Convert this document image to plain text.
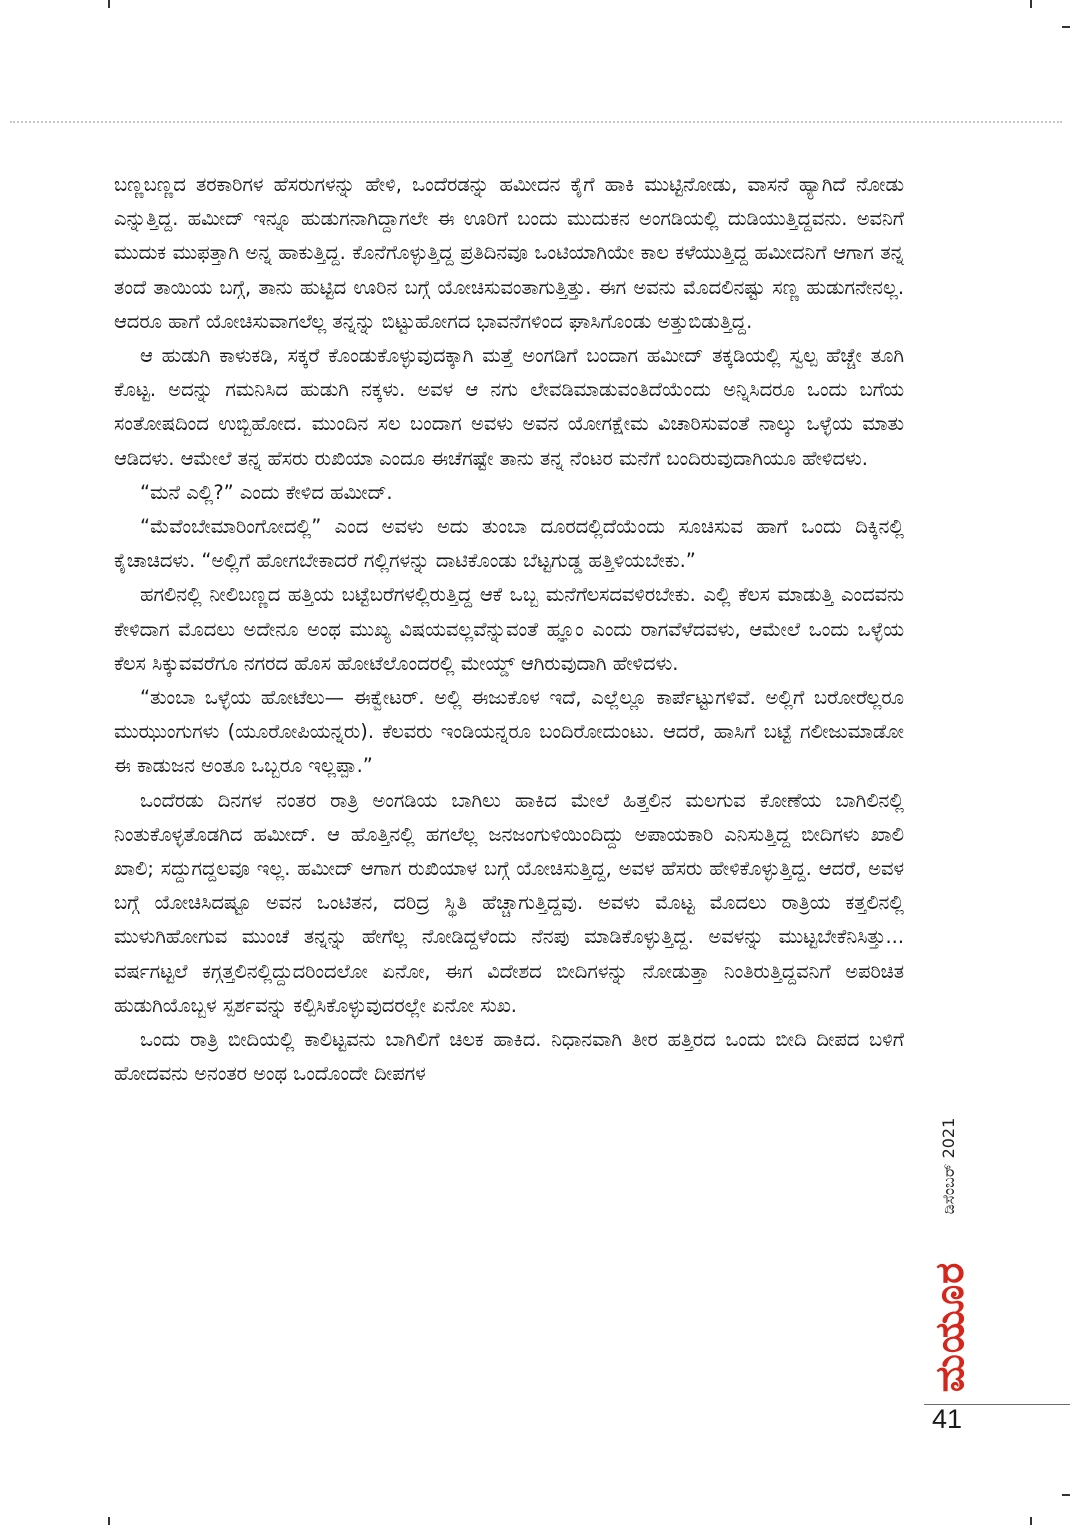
ಬಣ್ಣಬಣ್ಣದ ತರಕಾರಿಗಳ ಹೆಸರುಗಳನ್ನು ಹೇಳಿ, ಒಂದೆರಡನ್ನು ಹಮೀದನ ಕೈಗೆ ಹಾಕಿ ಮುಟ್ಟಿನೋಡು, ವಾಸನೆ ಹ್ಯಾಗಿದೆ ನೋಡು ಎನ್ನುತ್ತಿದ್ದ. ಹಮೀದ್ ಇನ್ನೂ ಹುಡುಗನಾಗಿದ್ದಾಗಲೇ ಈ ಊರಿಗೆ ಬಂದು ಮುದುಕನ ಅಂಗಡಿಯಲ್ಲಿ ದುಡಿಯುತ್ತಿದ್ದವನು. ಅವನಿಗೆ ಮುದುಕ ಮುಫತ್ತಾಗಿ ಅನ್ನ ಹಾಕುತ್ತಿದ್ದ. ಕೊನೆಗೊಳ್ಳುತ್ತಿದ್ದ ಪ್ರತಿದಿನವೂ ಒಂಟಿಯಾಗಿಯೇ ಕಾಲ ಕಳೆಯುತ್ತಿದ್ದ ಹಮೀದನಿಗೆ ಆಗಾಗ ತನ್ನ ತಂದೆ ತಾಯಿಯ ಬಗ್ಗೆ, ತಾನು ಹುಟ್ಟಿದ ಊರಿನ ಬಗ್ಗೆ ಯೋಚಿಸುವಂತಾಗುತ್ತಿತ್ತು. ಈಗ ಅವನು ಮೊದಲಿನಷ್ಟು ಸಣ್ಣ ಹುಡುಗನೇನಲ್ಲ. ಆದರೂ ಹಾಗೆ ಯೋಚಿಸುವಾಗಲೆಲ್ಲ ತನ್ನನ್ನು ಬಿಟ್ಟುಹೋಗದ ಭಾವನೆಗಳಿಂದ ಘಾಸಿಗೊಂಡು ಅತ್ತುಬಿಡುತ್ತಿದ್ದ.

ಆ ಹುಡುಗಿ ಕಾಳುಕಡಿ, ಸಕ್ಕರೆ ಕೊಂಡುಕೊಳ್ಳುವುದಕ್ಕಾಗಿ ಮತ್ತೆ ಅಂಗಡಿಗೆ ಬಂದಾಗ ಹಮೀದ್ ತಕ್ಕಡಿಯಲ್ಲಿ ಸ್ವಲ್ಪ ಹೆಚ್ಚೇ ತೂಗಿ ಕೊಟ್ಟ. ಅದನ್ನು ಗಮನಿಸಿದ ಹುಡುಗಿ ನಕ್ಕಳು. ಅವಳ ಆ ನಗು ಲೇವಡಿಮಾಡುವಂತಿದೆಯೆಂದು ಅನ್ನಿಸಿದರೂ ಒಂದು ಬಗೆಯ ಸಂತೋಷದಿಂದ ಉಬ್ಬಿಹೋದ. ಮುಂದಿನ ಸಲ ಬಂದಾಗ ಅವಳು ಅವನ ಯೋಗಕ್ಷೇಮ ವಿಚಾರಿಸುವಂತೆ ನಾಲ್ಕು ಒಳ್ಳೆಯ ಮಾತು ಆಡಿದಳು. ಆಮೇಲೆ ತನ್ನ ಹೆಸರು ರುಖಿಯಾ ಎಂದೂ ಈಚೆಗಷ್ಟೇ ತಾನು ತನ್ನ ನೆಂಟರ ಮನೆಗೆ ಬಂದಿರುವುದಾಗಿಯೂ ಹೇಳಿದಳು.

“ಮನೆ ಎಲ್ಲಿ?” ಎಂದು ಕೇಳಿದ ಹಮೀದ್.

“ಮೆವೆಂಬೇಮಾರಿಂಗೋದಲ್ಲಿ” ಎಂದ ಅವಳು ಅದು ತುಂಬಾ ದೂರದಲ್ಲಿದೆಯೆಂದು ಸೂಚಿಸುವ ಹಾಗೆ ಒಂದು ದಿಕ್ಕಿನಲ್ಲಿ ಕೈಚಾಚಿದಳು. “ಅಲ್ಲಿಗೆ ಹೋಗಬೇಕಾದರೆ ಗಲ್ಲಿಗಳನ್ನು ದಾಟಿಕೊಂಡು ಬೆಟ್ಟಗುಡ್ಡ ಹತ್ತಿಳಿಯಬೇಕು.”

ಹಗಲಿನಲ್ಲಿ ನೀಲಿಬಣ್ಣದ ಹತ್ತಿಯ ಬಟ್ಟೆಬರೆಗಳಲ್ಲಿರುತ್ತಿದ್ದ ಆಕೆ ಒಬ್ಬ ಮನೆಗೆಲಸದವಳಿರಬೇಕು. ಎಲ್ಲಿ ಕೆಲಸ ಮಾಡುತ್ತಿ ಎಂದವನು ಕೇಳಿದಾಗ ಮೊದಲು ಅದೇನೂ ಅಂಥ ಮುಖ್ಯ ವಿಷಯವಲ್ಲವೆನ್ನುವಂತೆ ಹ್ಞೂಂ ಎಂದು ರಾಗವೆಳೆದವಳು, ಆಮೇಲೆ ಒಂದು ಒಳ್ಳೆಯ ಕೆಲಸ ಸಿಕ್ಕುವವರೆಗೂ ನಗರದ ಹೊಸ ಹೋಟೆಲೊಂದರಲ್ಲಿ ಮೇಯ್ಡ್ ಆಗಿರುವುದಾಗಿ ಹೇಳಿದಳು.

“ತುಂಬಾ ಒಳ್ಳೆಯ ಹೋಟೆಲು— ಈಕ್ವೇಟರ್. ಅಲ್ಲಿ ಈಜುಕೊಳ ಇದೆ, ಎಲ್ಲೆಲ್ಲೂ ಕಾರ್ಪೆಟ್ಟುಗಳಿವೆ. ಅಲ್ಲಿಗೆ ಬರೋರೆಲ್ಲರೂ ಮುಝುಂಗುಗಳು (ಯೂರೋಪಿಯನ್ನರು). ಕೆಲವರು ಇಂಡಿಯನ್ನರೂ ಬಂದಿರೋದುಂಟು. ಆದರೆ, ಹಾಸಿಗೆ ಬಟ್ಟೆ ಗಲೀಜುಮಾಡೋ ಈ ಕಾಡುಜನ ಅಂತೂ ಒಬ್ಬರೂ ಇಲ್ಲಪ್ಪಾ.”

ಒಂದೆರಡು ದಿನಗಳ ನಂತರ ರಾತ್ರಿ ಅಂಗಡಿಯ ಬಾಗಿಲು ಹಾಕಿದ ಮೇಲೆ ಹಿತ್ತಲಿನ ಮಲಗುವ ಕೋಣೆಯ ಬಾಗಿಲಿನಲ್ಲಿ ನಿಂತುಕೊಳ್ಳತೊಡಗಿದ ಹಮೀದ್. ಆ ಹೊತ್ತಿನಲ್ಲಿ ಹಗಲೆಲ್ಲ ಜನಜಂಗುಳಿಯಿಂದಿದ್ದು ಅಪಾಯಕಾರಿ ಎನಿಸುತ್ತಿದ್ದ ಬೀದಿಗಳು ಖಾಲಿ ಖಾಲಿ; ಸದ್ದುಗದ್ದಲವೂ ಇಲ್ಲ. ಹಮೀದ್ ಆಗಾಗ ರುಖಿಯಾಳ ಬಗ್ಗೆ ಯೋಚಿಸುತ್ತಿದ್ದ, ಅವಳ ಹೆಸರು ಹೇಳಿಕೊಳ್ಳುತ್ತಿದ್ದ. ಆದರೆ, ಅವಳ ಬಗ್ಗೆ ಯೋಚಿಸಿದಷ್ಟೂ ಅವನ ಒಂಟಿತನ, ದರಿದ್ರ ಸ್ಥಿತಿ ಹೆಚ್ಚಾಗುತ್ತಿದ್ದವು. ಅವಳು ಮೊಟ್ಟ ಮೊದಲು ರಾತ್ರಿಯ ಕತ್ತಲಿನಲ್ಲಿ ಮುಳುಗಿಹೋಗುವ ಮುಂಚೆ ತನ್ನನ್ನು ಹೇಗೆಲ್ಲ ನೋಡಿದ್ದಳೆಂದು ನೆನಪು ಮಾಡಿಕೊಳ್ಳುತ್ತಿದ್ದ. ಅವಳನ್ನು ಮುಟ್ಟಬೇಕೆನಿಸಿತ್ತು... ವರ್ಷಗಟ್ಟಲೆ ಕಗ್ಗತ್ತಲಿನಲ್ಲಿದ್ದುದರಿಂದಲೋ ಏನೋ, ಈಗ ವಿದೇಶದ ಬೀದಿಗಳನ್ನು ನೋಡುತ್ತಾ ನಿಂತಿರುತ್ತಿದ್ದವನಿಗೆ ಅಪರಿಚಿತ ಹುಡುಗಿಯೊಬ್ಬಳ ಸ್ಪರ್ಶವನ್ನು ಕಲ್ಪಿಸಿಕೊಳ್ಳುವುದರಲ್ಲೇ ಏನೋ ಸುಖ.

ಒಂದು ರಾತ್ರಿ ಬೀದಿಯಲ್ಲಿ ಕಾಲಿಟ್ಟವನು ಬಾಗಿಲಿಗೆ ಚಿಲಕ ಹಾಕಿದ. ನಿಧಾನವಾಗಿ ತೀರ ಹತ್ತಿರದ ಒಂದು ಬೀದಿ ದೀಪದ ಬಳಿಗೆ ಹೋದವನು ಅನಂತರ ಅಂಥ ಒಂದೊಂದೇ ದೀಪಗಳ

ಡಿಸೆಂಬರ್ 2021
ಮಯೂರ
41
